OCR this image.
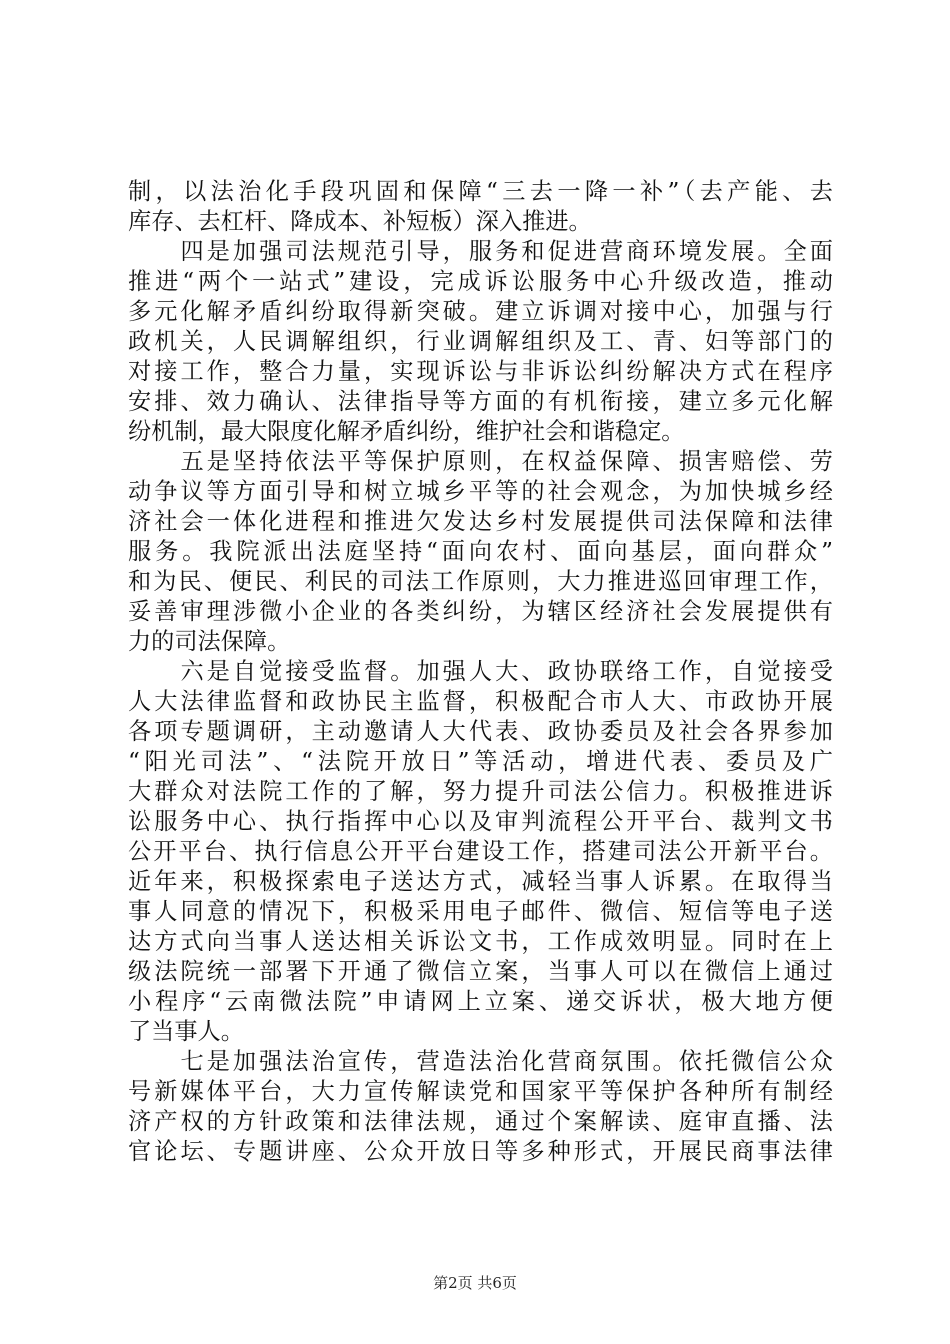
制，以法治化手段巩固和保障“三去一降一补”（去产能、去
库存、去杠杆、降成本、补短板）深入推进。
　　四是加强司法规范引导，服务和促进营商环境发展。全面
推进“两个一站式”建设，完成诉讼服务中心升级改造，推动
多元化解矛盾纠纷取得新突破。建立诉调对接中心，加强与行
政机关，人民调解组织，行业调解组织及工、青、妇等部门的
对接工作，整合力量，实现诉讼与非诉讼纠纷解决方式在程序
安排、效力确认、法律指导等方面的有机衔接，建立多元化解
纷机制，最大限度化解矛盾纠纷，维护社会和谐稳定。
　　五是坚持依法平等保护原则，在权益保障、损害赔偿、劳
动争议等方面引导和树立城乡平等的社会观念，为加快城乡经
济社会一体化进程和推进欠发达乡村发展提供司法保障和法律
服务。我院派出法庭坚持“面向农村、面向基层，面向群众”
和为民、便民、利民的司法工作原则，大力推进巡回审理工作，
妥善审理涉微小企业的各类纠纷，为辖区经济社会发展提供有
力的司法保障。
　　六是自觉接受监督。加强人大、政协联络工作，自觉接受
人大法律监督和政协民主监督，积极配合市人大、市政协开展
各项专题调研，主动邀请人大代表、政协委员及社会各界参加
“阳光司法”、“法院开放日”等活动，增进代表、委员及广
大群众对法院工作的了解，努力提升司法公信力。积极推进诉
讼服务中心、执行指挥中心以及审判流程公开平台、裁判文书
公开平台、执行信息公开平台建设工作，搭建司法公开新平台。
近年来，积极探索电子送达方式，减轻当事人诉累。在取得当
事人同意的情况下，积极采用电子邮件、微信、短信等电子送
达方式向当事人送达相关诉讼文书，工作成效明显。同时在上
级法院统一部署下开通了微信立案，当事人可以在微信上通过
小程序“云南微法院”申请网上立案、递交诉状，极大地方便
了当事人。
　　七是加强法治宣传，营造法治化营商氛围。依托微信公众
号新媒体平台，大力宣传解读党和国家平等保护各种所有制经
济产权的方针政策和法律法规，通过个案解读、庭审直播、法
官论坛、专题讲座、公众开放日等多种形式，开展民商事法律
第2页 共6页
